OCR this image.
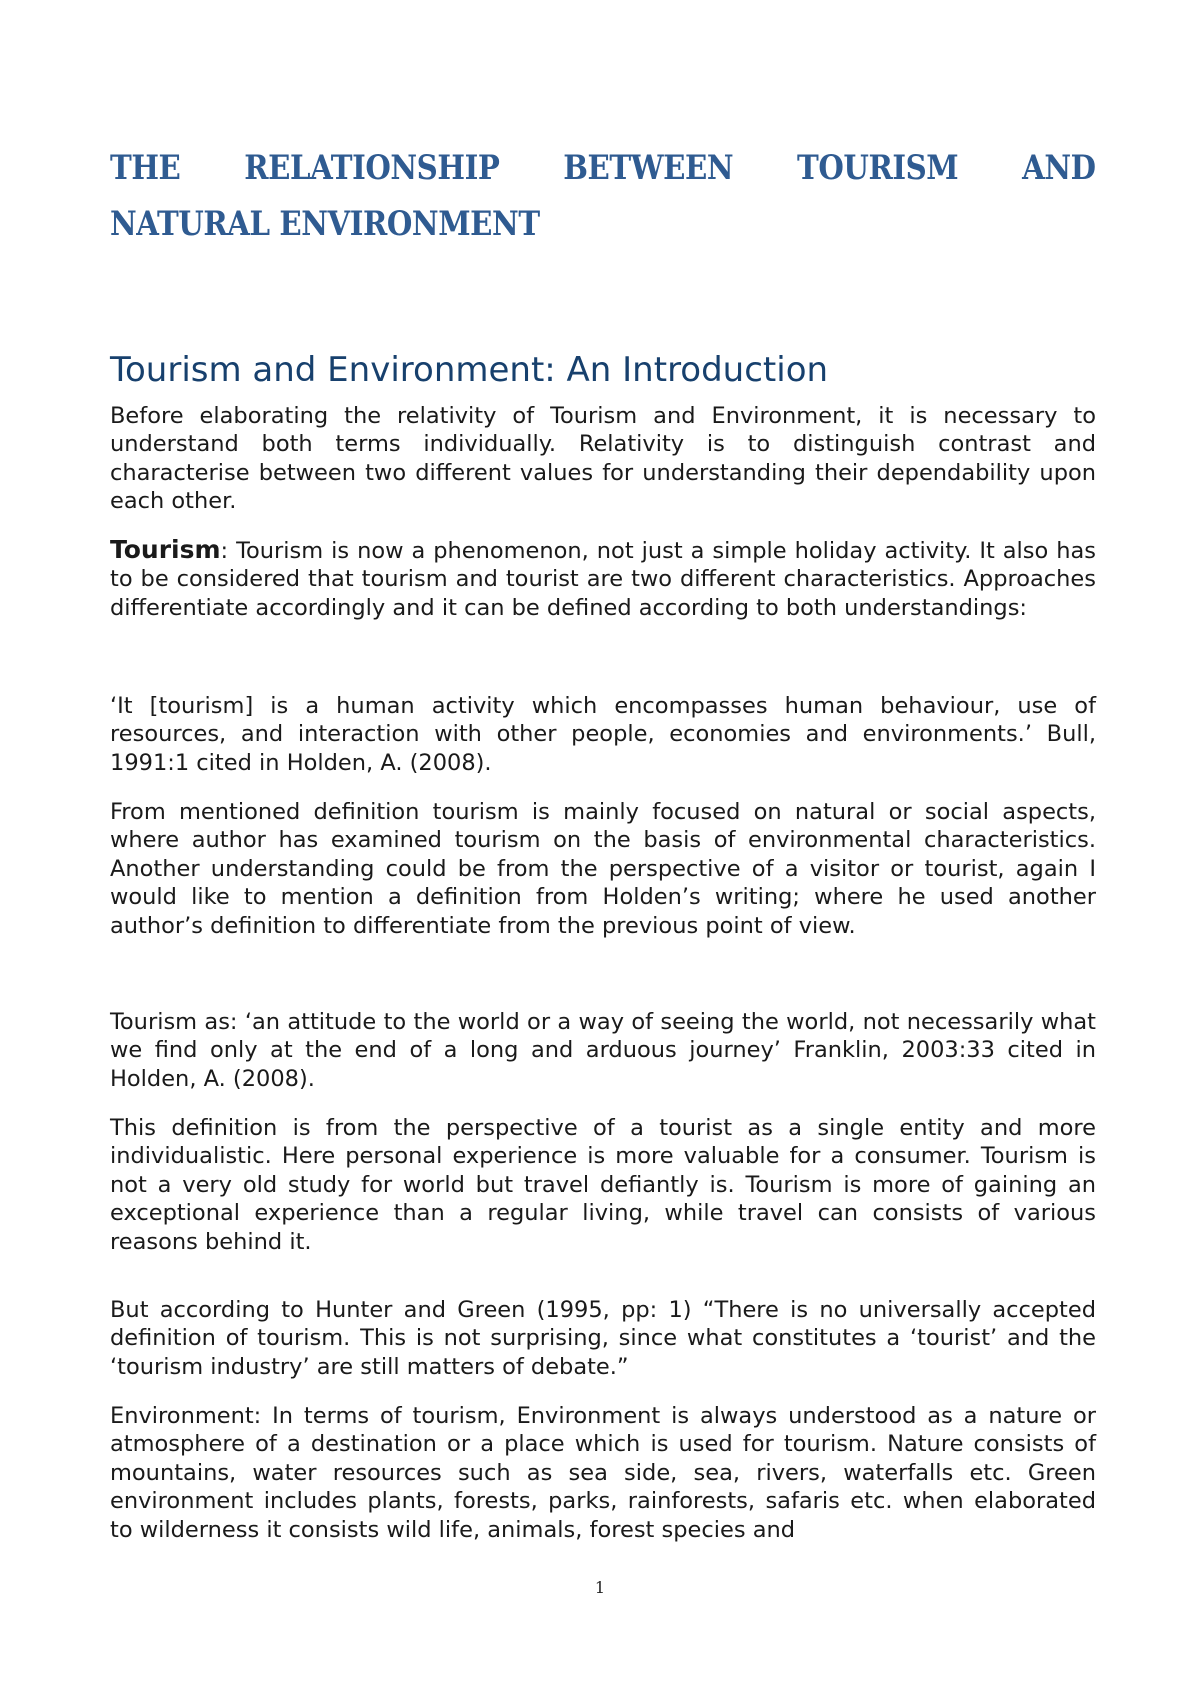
THE RELATIONSHIP BETWEEN TOURISM AND
NATURAL ENVIRONMENT
Tourism and Environment: An Introduction

Before elaborating the relativity of Tourism and Environment, it is necessary to understand both terms individually. Relativity is to distinguish contrast and characterise between two different values for understanding their dependability upon each other.

Tourism: Tourism is now a phenomenon, not just a simple holiday activity. It also has to be considered that tourism and tourist are two different characteristics. Approaches differentiate accordingly and it can be defined according to both understandings:

‘It [tourism] is a human activity which encompasses human behaviour, use of resources, and interaction with other people, economies and environments.’ Bull, 1991:1 cited in Holden, A. (2008).

From mentioned definition tourism is mainly focused on natural or social aspects, where author has examined tourism on the basis of environmental characteristics. Another understanding could be from the perspective of a visitor or tourist, again I would like to mention a definition from Holden’s writing; where he used another author’s definition to differentiate from the previous point of view.

Tourism as: ‘an attitude to the world or a way of seeing the world, not necessarily what we find only at the end of a long and arduous journey’ Franklin, 2003:33 cited in Holden, A. (2008).

This definition is from the perspective of a tourist as a single entity and more individualistic. Here personal experience is more valuable for a consumer. Tourism is not a very old study for world but travel defiantly is. Tourism is more of gaining an exceptional experience than a regular living, while travel can consists of various reasons behind it.

But according to Hunter and Green (1995, pp: 1) “There is no universally accepted definition of tourism. This is not surprising, since what constitutes a ‘tourist’ and the ‘tourism industry’ are still matters of debate.”

Environment: In terms of tourism, Environment is always understood as a nature or atmosphere of a destination or a place which is used for tourism. Nature consists of mountains, water resources such as sea side, sea, rivers, waterfalls etc. Green environment includes plants, forests, parks, rainforests, safaris etc. when elaborated to wilderness it consists wild life, animals, forest species and

1
